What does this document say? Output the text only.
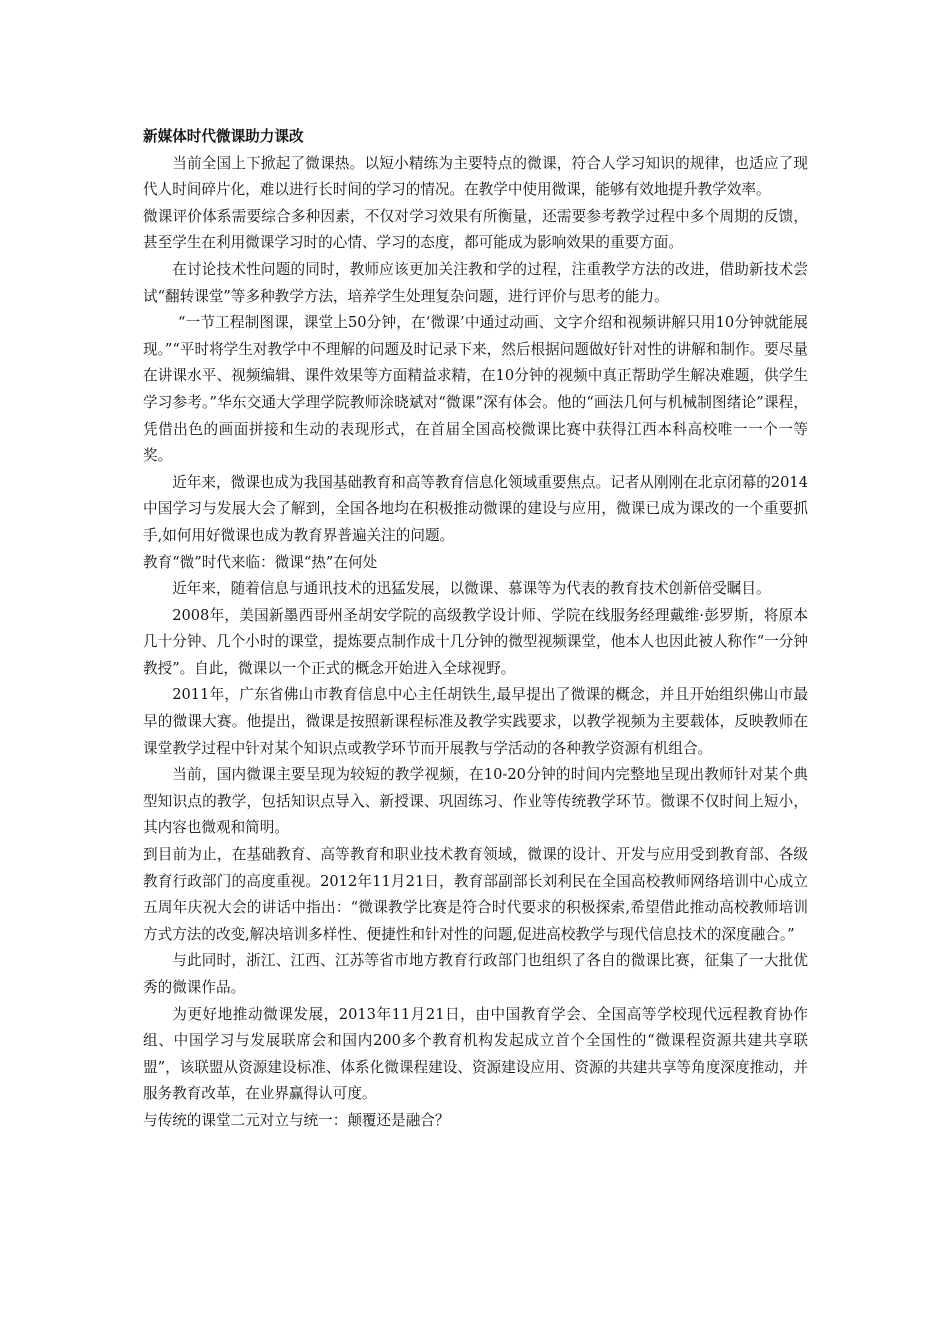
新媒体时代微课助力课改

当前全国上下掀起了微课热。以短小精练为主要特点的微课，符合人学习知识的规律，也适应了现代人时间碎片化，难以进行长时间的学习的情况。在教学中使用微课，能够有效地提升教学效率。

微课评价体系需要综合多种因素，不仅对学习效果有所衡量，还需要参考教学过程中多个周期的反馈，甚至学生在利用微课学习时的心情、学习的态度，都可能成为影响效果的重要方面。

在讨论技术性问题的同时，教师应该更加关注教和学的过程，注重教学方法的改进，借助新技术尝试“翻转课堂”等多种教学方法，培养学生处理复杂问题，进行评价与思考的能力。

“一节工程制图课，课堂上50分钟，在‘微课’中通过动画、文字介绍和视频讲解只用10分钟就能展现。”“平时将学生对教学中不理解的问题及时记录下来，然后根据问题做好针对性的讲解和制作。要尽量在讲课水平、视频编辑、课件效果等方面精益求精，在10分钟的视频中真正帮助学生解决难题，供学生学习参考。”华东交通大学理学院教师涂晓斌对“微课”深有体会。他的“画法几何与机械制图绪论”课程，凭借出色的画面拼接和生动的表现形式，在首届全国高校微课比赛中获得江西本科高校唯一一个一等奖。

近年来，微课也成为我国基础教育和高等教育信息化领域重要焦点。记者从刚刚在北京闭幕的2014中国学习与发展大会了解到，全国各地均在积极推动微课的建设与应用，微课已成为课改的一个重要抓手,如何用好微课也成为教育界普遍关注的问题。

教育“微”时代来临：微课“热”在何处

近年来，随着信息与通讯技术的迅猛发展，以微课、慕课等为代表的教育技术创新倍受瞩目。

2008年，美国新墨西哥州圣胡安学院的高级教学设计师、学院在线服务经理戴维·彭罗斯，将原本几十分钟、几个小时的课堂，提炼要点制作成十几分钟的微型视频课堂，他本人也因此被人称作“一分钟教授”。自此，微课以一个正式的概念开始进入全球视野。

2011年，广东省佛山市教育信息中心主任胡铁生,最早提出了微课的概念，并且开始组织佛山市最早的微课大赛。他提出，微课是按照新课程标准及教学实践要求，以教学视频为主要载体，反映教师在课堂教学过程中针对某个知识点或教学环节而开展教与学活动的各种教学资源有机组合。

当前，国内微课主要呈现为较短的教学视频，在10-20分钟的时间内完整地呈现出教师针对某个典型知识点的教学，包括知识点导入、新授课、巩固练习、作业等传统教学环节。微课不仅时间上短小，其内容也微观和简明。

到目前为止，在基础教育、高等教育和职业技术教育领域，微课的设计、开发与应用受到教育部、各级教育行政部门的高度重视。2012年11月21日，教育部副部长刘利民在全国高校教师网络培训中心成立五周年庆祝大会的讲话中指出：“微课教学比赛是符合时代要求的积极探索,希望借此推动高校教师培训方式方法的改变,解决培训多样性、便捷性和针对性的问题,促进高校教学与现代信息技术的深度融合。”

与此同时，浙江、江西、江苏等省市地方教育行政部门也组织了各自的微课比赛，征集了一大批优秀的微课作品。

为更好地推动微课发展，2013年11月21日，由中国教育学会、全国高等学校现代远程教育协作组、中国学习与发展联席会和国内200多个教育机构发起成立首个全国性的“微课程资源共建共享联盟”，该联盟从资源建设标准、体系化微课程建设、资源建设应用、资源的共建共享等角度深度推动，并服务教育改革，在业界赢得认可度。

与传统的课堂二元对立与统一：颠覆还是融合？
